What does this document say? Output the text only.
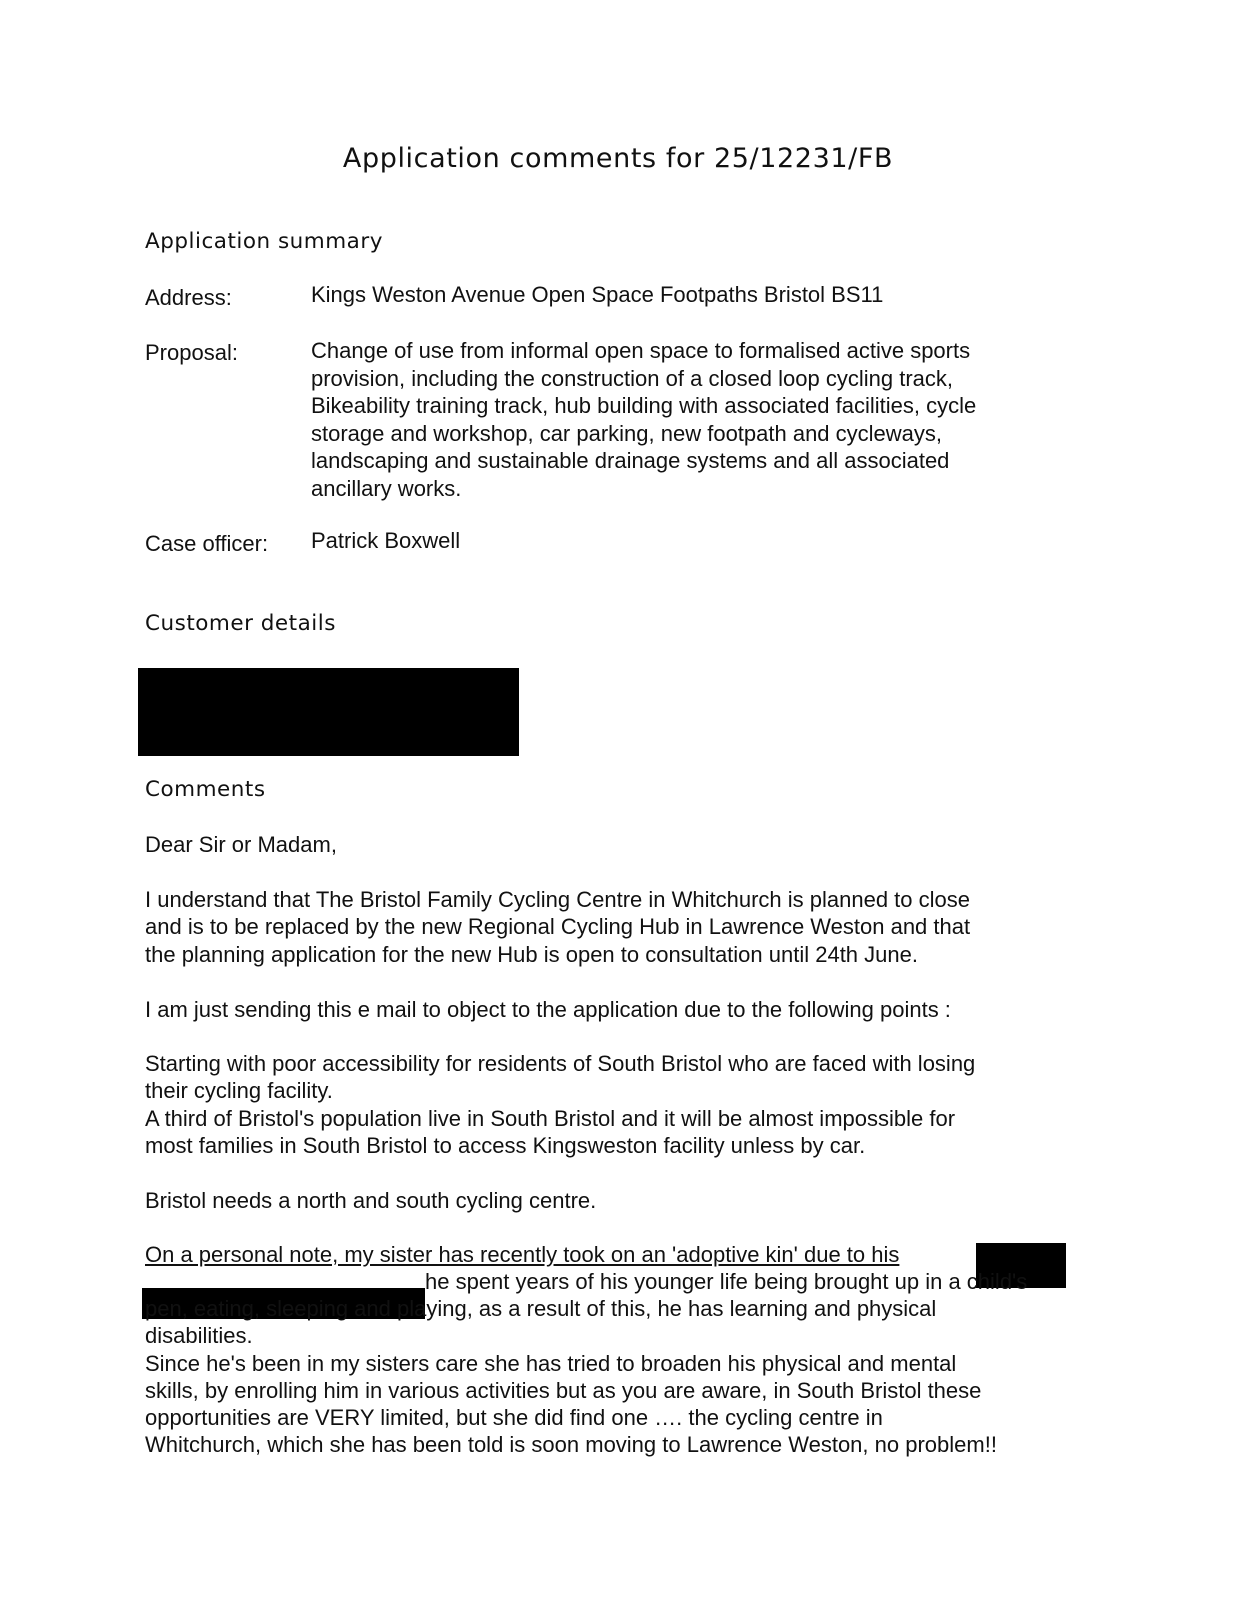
Application comments for 25/12231/FB
Application summary
Address:	Kings Weston Avenue Open Space Footpaths Bristol BS11
Proposal:	Change of use from informal open space to formalised active sports
provision, including the construction of a closed loop cycling track,
Bikeability training track, hub building with associated facilities, cycle
storage and workshop, car parking, new footpath and cycleways,
landscaping and sustainable drainage systems and all associated
ancillary works.
Case officer: Patrick Boxwell
Customer details
Comments
Dear Sir or Madam,
I understand that The Bristol Family Cycling Centre in Whitchurch is planned to close
and is to be replaced by the new Regional Cycling Hub in Lawrence Weston and that
the planning application for the new Hub is open to consultation until 24th June.
I am just sending this e mail to object to the application due to the following points :
Starting with poor accessibility for residents of South Bristol who are faced with losing
their cycling facility.
A third of Bristol's population live in South Bristol and it will be almost impossible for
most families in South Bristol to access Kingsweston facility unless by car.
Bristol needs a north and south cycling centre.
On a personal note, my sister has recently took on an 'adoptive kin' due to his
he spent years of his younger life being brought up in a child's
pen, eating, sleeping and playing, as a result of this, he has learning and physical
disabilities.
Since he's been in my sisters care she has tried to broaden his physical and mental
skills, by enrolling him in various activities but as you are aware, in South Bristol these
opportunities are VERY limited, but she did find one …. the cycling centre in
Whitchurch, which she has been told is soon moving to Lawrence Weston, no problem!!
